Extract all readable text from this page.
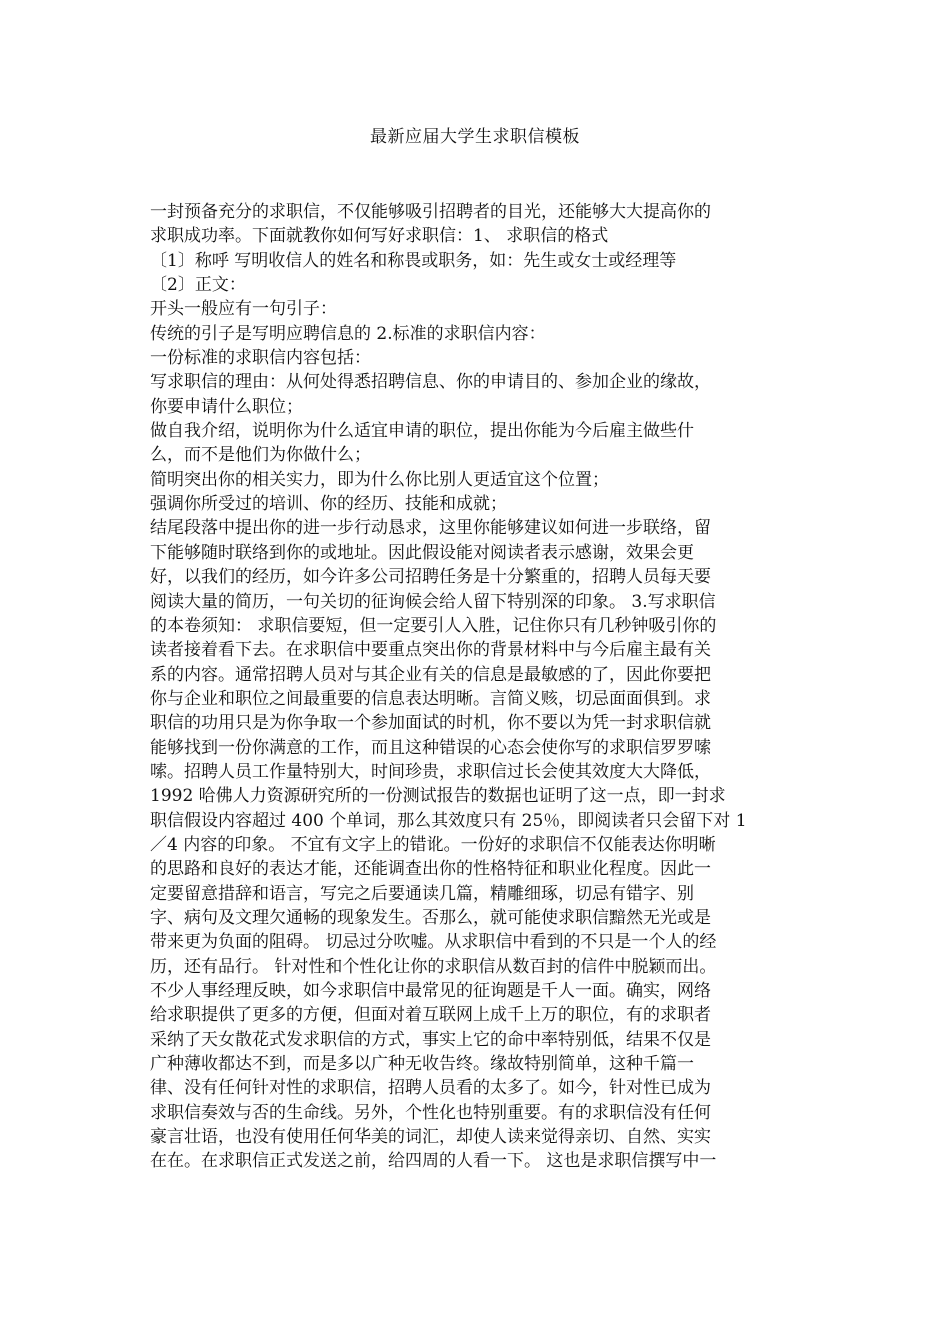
最新应届大学生求职信模板
一封预备充分的求职信，不仅能够吸引招聘者的目光，还能够大大提高你的
求职成功率。下面就教你如何写好求职信：1、 求职信的格式
〔1〕称呼 写明收信人的姓名和称畏或职务，如：先生或女士或经理等
〔2〕正文：
开头一般应有一句引子：
传统的引子是写明应聘信息的 2.标准的求职信内容：
一份标准的求职信内容包括：
写求职信的理由：从何处得悉招聘信息、你的申请目的、参加企业的缘故，
你要申请什么职位；
做自我介绍，说明你为什么适宜申请的职位，提出你能为今后雇主做些什
么，而不是他们为你做什么；
简明突出你的相关实力，即为什么你比别人更适宜这个位置；
强调你所受过的培训、你的经历、技能和成就；
结尾段落中提出你的进一步行动恳求，这里你能够建议如何进一步联络，留
下能够随时联络到你的或地址。因此假设能对阅读者表示感谢，效果会更
好，以我们的经历，如今许多公司招聘任务是十分繁重的，招聘人员每天要
阅读大量的简历，一句关切的征询候会给人留下特别深的印象。 3.写求职信
的本卷须知： 求职信要短，但一定要引人入胜，记住你只有几秒钟吸引你的
读者接着看下去。在求职信中要重点突出你的背景材料中与今后雇主最有关
系的内容。通常招聘人员对与其企业有关的信息是最敏感的了，因此你要把
你与企业和职位之间最重要的信息表达明晰。言简义赅，切忌面面俱到。求
职信的功用只是为你争取一个参加面试的时机，你不要以为凭一封求职信就
能够找到一份你满意的工作，而且这种错误的心态会使你写的求职信罗罗嗦
嗦。招聘人员工作量特别大，时间珍贵，求职信过长会使其效度大大降低，
1992 哈佛人力资源研究所的一份测试报告的数据也证明了这一点，即一封求
职信假设内容超过 400 个单词，那么其效度只有 25％，即阅读者只会留下对 1
／4 内容的印象。 不宜有文字上的错讹。一份好的求职信不仅能表达你明晰
的思路和良好的表达才能，还能调查出你的性格特征和职业化程度。因此一
定要留意措辞和语言，写完之后要通读几篇，精雕细琢，切忌有错字、别
字、病句及文理欠通畅的现象发生。否那么，就可能使求职信黯然无光或是
带来更为负面的阻碍。 切忌过分吹嘘。从求职信中看到的不只是一个人的经
历，还有品行。 针对性和个性化让你的求职信从数百封的信件中脱颖而出。
不少人事经理反映，如今求职信中最常见的征询题是千人一面。确实，网络
给求职提供了更多的方便，但面对着互联网上成千上万的职位，有的求职者
采纳了天女散花式发求职信的方式，事实上它的命中率特别低，结果不仅是
广种薄收都达不到，而是多以广种无收告终。缘故特别简单，这种千篇一
律、没有任何针对性的求职信，招聘人员看的太多了。如今，针对性已成为
求职信奏效与否的生命线。另外，个性化也特别重要。有的求职信没有任何
豪言壮语，也没有使用任何华美的词汇，却使人读来觉得亲切、自然、实实
在在。在求职信正式发送之前，给四周的人看一下。 这也是求职信撰写中一
